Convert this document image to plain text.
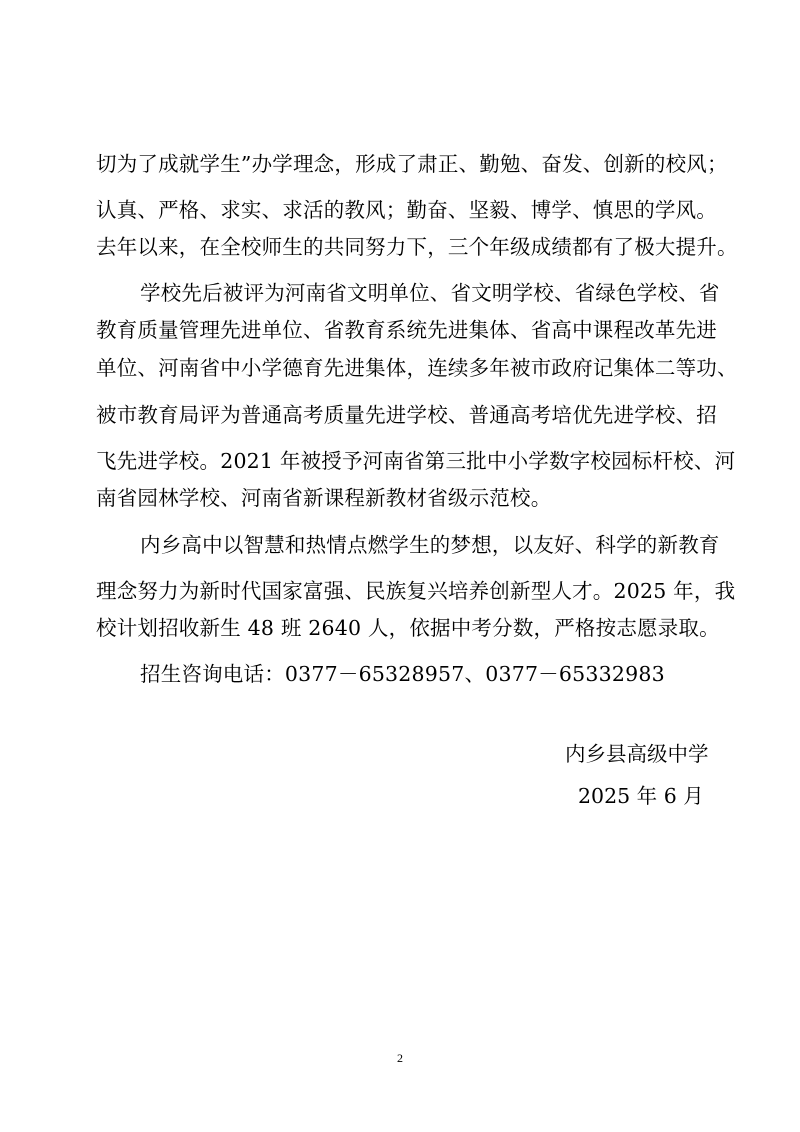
切为了成就学生”办学理念，形成了肃正、勤勉、奋发、创新的校风；
认真、严格、求实、求活的教风；勤奋、坚毅、博学、慎思的学风。
去年以来，在全校师生的共同努力下，三个年级成绩都有了极大提升。
学校先后被评为河南省文明单位、省文明学校、省绿色学校、省
教育质量管理先进单位、省教育系统先进集体、省高中课程改革先进
单位、河南省中小学德育先进集体，连续多年被市政府记集体二等功、
被市教育局评为普通高考质量先进学校、普通高考培优先进学校、招
飞先进学校。2021 年被授予河南省第三批中小学数字校园标杆校、河
南省园林学校、河南省新课程新教材省级示范校。
内乡高中以智慧和热情点燃学生的梦想，以友好、科学的新教育
理念努力为新时代国家富强、民族复兴培养创新型人才。2025 年，我
校计划招收新生 48 班 2640 人，依据中考分数，严格按志愿录取。
招生咨询电话：0377－65328957、0377－65332983
内乡县高级中学
2025 年 6 月
2
